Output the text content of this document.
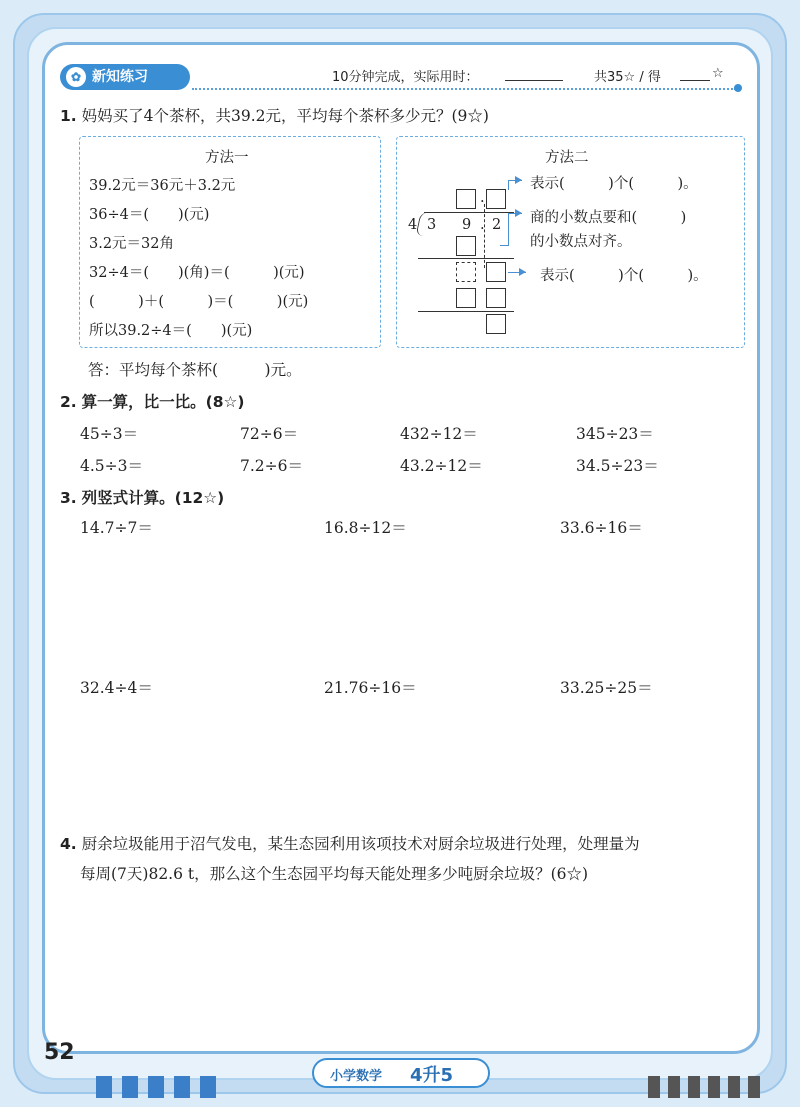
✿ 新知练习	10分钟完成，实际用时：	共35☆ / 得	☆
1. 妈妈买了4个茶杯，共39.2元，平均每个茶杯多少元？(9☆)
方法一
39.2元＝36元＋3.2元
36÷4＝(　　)(元)
3.2元＝32角
32÷4＝(　　)(角)＝(　　　)(元)
(　　　)＋(　　　)＝(　　　)(元)
所以39.2÷4＝(　　)(元)
方法二
.
4 3 9 . 2
表示(　　　)个(　　　)。
商的小数点要和(　　　)
的小数点对齐。
表示(　　　)个(　　　)。
答：平均每个茶杯(　　　)元。
2. 算一算，比一比。(8☆)
45÷3＝	72÷6＝	432÷12＝	345÷23＝
4.5÷3＝	7.2÷6＝	43.2÷12＝	34.5÷23＝
3. 列竖式计算。(12☆)
14.7÷7＝	16.8÷12＝	33.6÷16＝
32.4÷4＝	21.76÷16＝	33.25÷25＝
4. 厨余垃圾能用于沼气发电，某生态园利用该项技术对厨余垃圾进行处理，处理量为
每周(7天)82.6 t，那么这个生态园平均每天能处理多少吨厨余垃圾？(6☆)
52
小学数学 4升5
